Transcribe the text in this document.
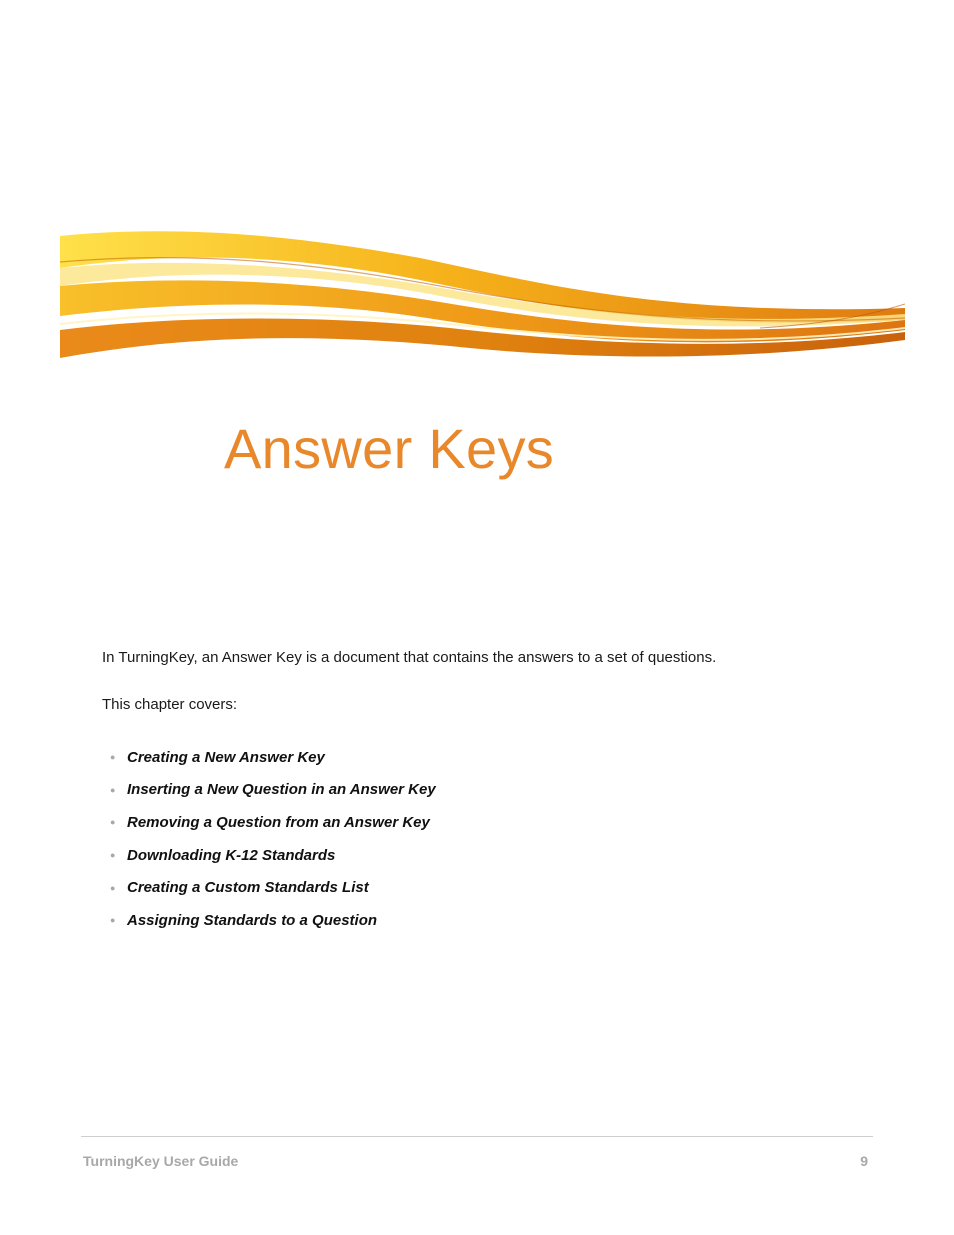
Answer Keys

In TurningKey, an Answer Key is a document that contains the answers to a set of questions.

This chapter covers:

● Creating a New Answer Key
● Inserting a New Question in an Answer Key
● Removing a Question from an Answer Key
● Downloading K-12 Standards
● Creating a Custom Standards List
● Assigning Standards to a Question
TurningKey User Guide	9
